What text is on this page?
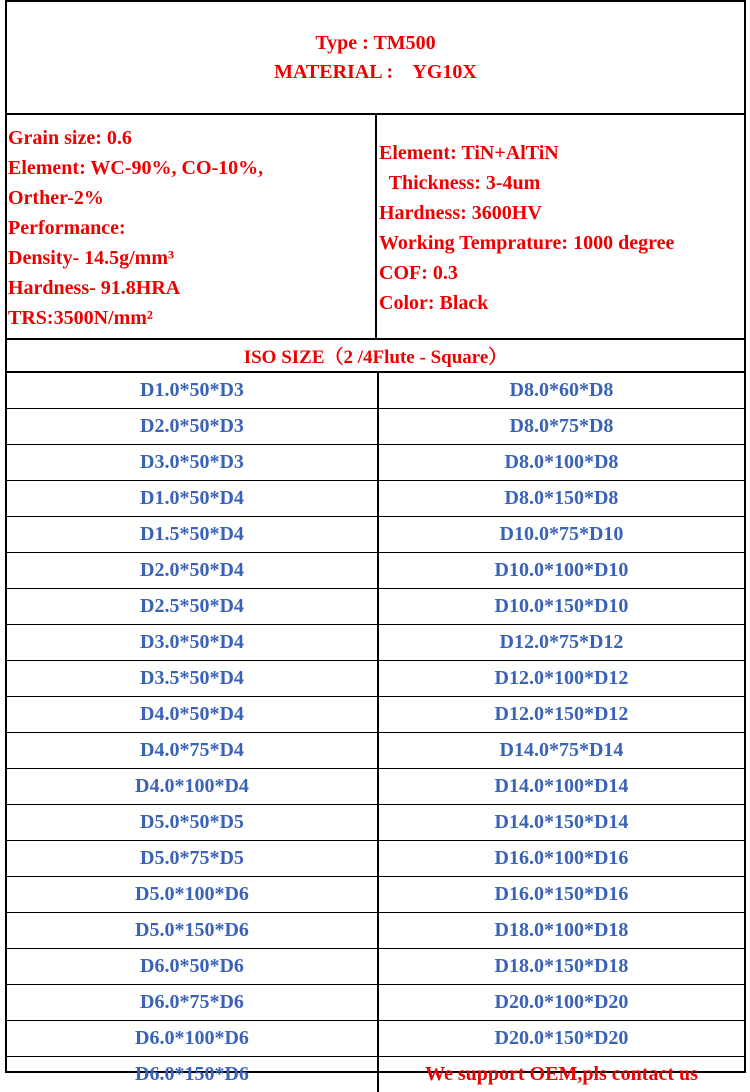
Type : TM500
MATERIAL :    YG10X
Grain size: 0.6
Element: WC-90%, CO-10%,
Orther-2%
Performance:
Density- 14.5g/mm³
Hardness- 91.8HRA
TRS:3500N/mm²
Element: TiN+AlTiN
Thickness: 3-4um
Hardness: 3600HV
Working Temprature: 1000 degree
COF: 0.3
Color: Black
ISO SIZE（2 /4Flute - Square）
D1.0*50*D3	D8.0*60*D8
D2.0*50*D3	D8.0*75*D8
D3.0*50*D3	D8.0*100*D8
D1.0*50*D4	D8.0*150*D8
D1.5*50*D4	D10.0*75*D10
D2.0*50*D4	D10.0*100*D10
D2.5*50*D4	D10.0*150*D10
D3.0*50*D4	D12.0*75*D12
D3.5*50*D4	D12.0*100*D12
D4.0*50*D4	D12.0*150*D12
D4.0*75*D4	D14.0*75*D14
D4.0*100*D4	D14.0*100*D14
D5.0*50*D5	D14.0*150*D14
D5.0*75*D5	D16.0*100*D16
D5.0*100*D6	D16.0*150*D16
D5.0*150*D6	D18.0*100*D18
D6.0*50*D6	D18.0*150*D18
D6.0*75*D6	D20.0*100*D20
D6.0*100*D6	D20.0*150*D20
D6.0*150*D6	We support OEM,pls contact us
